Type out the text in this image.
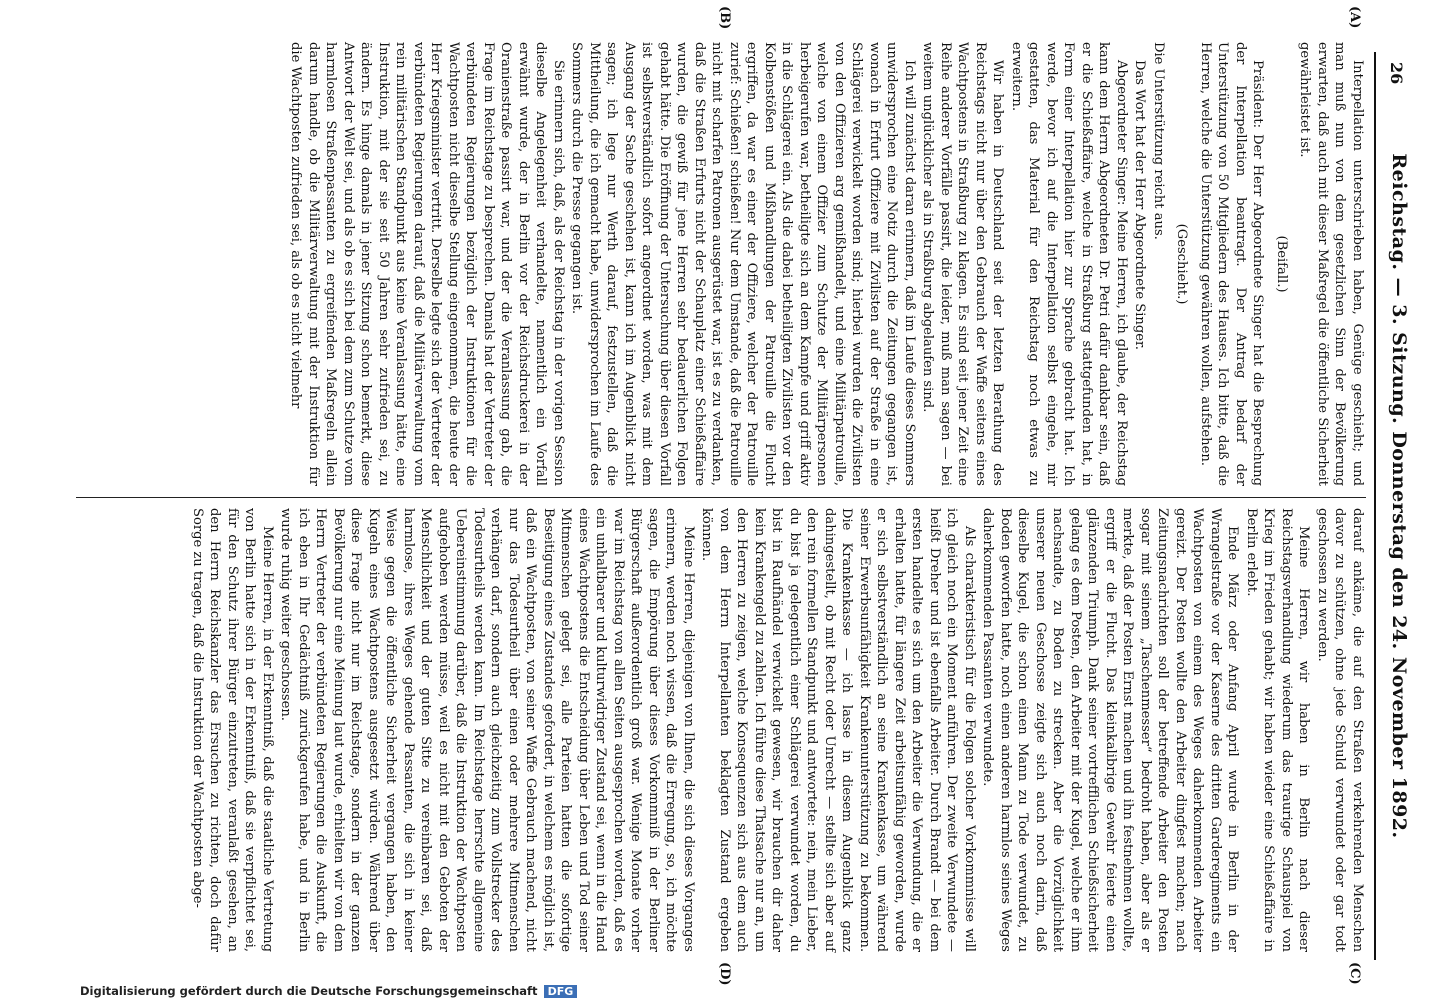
26
Reichstag. — 3. Sitzung. Donnerstag den 24. November 1892.
(A)
(B)
(C)
(D)

Interpellation unterschrieben haben, Genüge geschieht; und man muß nun von dem gesetzlichen Sinn der Bevölkerung erwarten, daß auch mit dieser Maßregel die öffentliche Sicherheit gewährleistet ist.

(Beifall.)

Präsident: Der Herr Abgeordnete Singer hat die Besprechung der Interpellation beantragt. Der Antrag bedarf der Unterstützung von 50 Mitgliedern des Hauses. Ich bitte, daß die Herren, welche die Unterstützung gewähren wollen, aufstehen.

(Geschieht.)

Die Unterstützung reicht aus.

Das Wort hat der Herr Abgeordnete Singer.

Abgeordneter Singer: Meine Herren, ich glaube, der Reichstag kann dem Herrn Abgeordneten Dr. Petri dafür dankbar sein, daß er die Schießaffaire, welche in Straßburg stattgefunden hat, in Form einer Interpellation hier zur Sprache gebracht hat. Ich werde, bevor ich auf die Interpellation selbst eingehe, mir gestatten, das Material für den Reichstag noch etwas zu erweitern.

Wir haben in Deutschland seit der letzten Berathung des Reichstags nicht nur über den Gebrauch der Waffe seitens eines Wachtpostens in Straßburg zu klagen. Es sind seit jener Zeit eine Reihe anderer Vorfälle passirt, die leider, muß man sagen — bei weitem unglücklicher als in Straßburg abgelaufen sind.

Ich will zunächst daran erinnern, daß im Laufe dieses Sommers unwidersprochen eine Notiz durch die Zeitungen gegangen ist, wonach in Erfurt Offiziere mit Zivilisten auf der Straße in eine Schlägerei verwickelt worden sind; hierbei wurden die Zivilisten von den Offizieren arg gemißhandelt, und eine Militärpatrouille, welche von einem Offizier zum Schutze der Militärpersonen herbeigerufen war, betheiligte sich an dem Kampfe und griff aktiv in die Schlägerei ein. Als die dabei betheiligten Zivilisten vor den Kolbenstößen und Mißhandlungen der Patrouille die Flucht ergriffen, da war es einer der Offiziere, welcher der Patrouille zurief: Schießen! schießen! Nur dem Umstande, daß die Patrouille nicht mit scharfen Patronen ausgerüstet war, ist es zu verdanken, daß die Straßen Erfurts nicht der Schauplatz einer Schießaffaire wurden, die gewiß für jene Herren sehr bedauerlichen Folgen gehabt hätte. Die Eröffnung der Untersuchung über diesen Vorfall ist selbstverständlich sofort angeordnet worden, was mit dem Ausgang der Sache geschehen ist, kann ich im Augenblick nicht sagen; ich lege nur Werth darauf, festzustellen, daß die Mittheilung, die ich gemacht habe, unwidersprochen im Laufe des Sommers durch die Presse gegangen ist.

Sie erinnern sich, daß, als der Reichstag in der vorigen Session dieselbe Angelegenheit verhandelte, namentlich ein Vorfall erwähnt wurde, der in Berlin vor der Reichsdruckerei in der Oranienstraße passirt war, und der die Veranlassung gab, die Frage im Reichstage zu besprechen. Damals hat der Vertreter der verbündeten Regierungen bezüglich der Instruktionen für die Wachtposten nicht dieselbe Stellung eingenommen, die heute der Herr Kriegsminister vertritt. Derselbe legte sich der Vertreter der verbündeten Regierungen darauf, daß die Militärverwaltung vom rein militärischen Standpunkt aus keine Veranlassung hätte, eine Instruktion, mit der sie seit 50 Jahren sehr zufrieden sei, zu ändern. Es hinge damals in jener Sitzung schon bemerkt, diese Antwort der Welt sei, und als ob es sich bei dem zum Schutze vom harmlosen Straßenpassanten zu ergreifenden Maßregeln allein darum handle, ob die Militärverwaltung mit der Instruktion für die Wachtposten zufrieden sei, als ob es nicht vielmehr

darauf ankäme, die auf den Straßen verkehrenden Menschen davor zu schützen, ohne jede Schuld verwundet oder gar todt geschossen zu werden.

Meine Herren, wir haben in Berlin nach dieser Reichstagsverhandlung wiederum das traurige Schauspiel von Krieg im Frieden gehabt; wir haben wieder eine Schießaffaire in Berlin erlebt.

Ende März oder Anfang April wurde in Berlin in der Wrangelstraße vor der Kaserne des dritten Garderegiments ein Wachtposten von einem des Weges daherkommenden Arbeiter gereizt. Der Posten wollte den Arbeiter dingfest machen; nach Zeitungsnachrichten soll der betreffende Arbeiter den Posten sogar mit seinem „Taschenmesser“ bedroht haben, aber als er merkte, daß der Posten Ernst machen und ihn festnehmen wollte, ergriff er die Flucht. Das kleinkalibrige Gewehr feierte einen glänzenden Triumph. Dank seiner vortrefflichen Schießsicherheit gelang es dem Posten, den Arbeiter mit der Kugel, welche er ihm nachsandte, zu Boden zu strecken. Aber die Vorzüglichkeit unserer neuen Geschosse zeigte sich auch noch darin, daß dieselbe Kugel, die schon einen Mann zu Tode verwundet, zu Boden geworfen hatte, noch einen anderen harmlos seines Weges daherkommenden Passanten verwundete.

Als charakteristisch für die Folgen solcher Vorkommnisse will ich gleich noch ein Moment anführen. Der zweite Verwundete — heißt Dreher und ist ebenfalls Arbeiter. Durch Brandt — bei dem ersten handelte es sich um den Arbeiter die Verwundung, die er erhalten hatte, für längere Zeit arbeitsunfähig geworden, wurde er sich selbstverständlich an seine Krankenkasse, um während seiner Erwerbsunfähigkeit Krankenunterstützung zu bekommen. Die Krankenkasse — ich lasse in diesem Augenblick ganz dahingestellt, ob mit Recht oder Unrecht — stellte sich aber auf den rein formellen Standpunkt und antwortete: nein, mein Lieber, du bist ja gelegentlich einer Schlägerei verwundet worden, du bist in Raufhändel verwickelt gewesen, wir brauchen dir daher kein Krankengeld zu zahlen. Ich führe diese Thatsache nur an, um den Herren zu zeigen, welche Konsequenzen sich aus dem auch von dem Herrn Interpellanten beklagten Zustand ergeben können.

Meine Herren, diejenigen von Ihnen, die sich dieses Vorganges erinnern, werden noch wissen, daß die Erregung, so, ich möchte sagen, die Empörung über dieses Vorkommniß in der Berliner Bürgerschaft außerordentlich groß war. Wenige Monate vorher war im Reichstag von allen Seiten ausgesprochen worden, daß es ein unhaltbarer und kulturwidriger Zustand sei, wenn in die Hand eines Wachtpostens die Entscheidung über Leben und Tod seiner Mitmenschen gelegt sei, alle Parteien hatten die sofortige Beseitigung eines Zustandes gefordert, in welchem es möglich ist, daß ein Wachtposten, von seiner Waffe Gebrauch machend, nicht nur das Todesurtheil über einen oder mehrere Mitmenschen verhängen darf, sondern auch gleichzeitig zum Vollstrecker des Todesurtheils werden kann. Im Reichstage herrschte allgemeine Uebereinstimmung darüber, daß die Instruktion der Wachtposten aufgehoben werden müsse, weil es nicht mit den Geboten der Menschlichkeit und der guten Sitte zu vereinbaren sei, daß harmlose, ihres Weges gehende Passanten, die sich in keiner Weise gegen die öffentliche Sicherheit vergangen haben, den Kugeln eines Wachtpostens ausgesetzt würden. Während über diese Frage nicht nur im Reichstage, sondern in der ganzen Bevölkerung nur eine Meinung laut wurde, erhielten wir von dem Herrn Vertreter der verbündeten Regierungen die Auskunft, die ich eben in Ihr Gedächtniß zurückgerufen habe, und in Berlin wurde ruhig weiter geschossen.

Meine Herren, in der Erkenntniß, daß die staatliche Vertretung von Berlin hatte sich in der Erkenntniß, daß sie verpflichtet sei, für den Schutz ihrer Bürger einzutreten, veranlaßt gesehen, an den Herrn Reichskanzler das Ersuchen zu richten, doch dafür Sorge zu tragen, daß die Instruktion der Wachtposten abge-

Digitalisierung gefördert durch die Deutsche Forschungsgemeinschaft DFG
